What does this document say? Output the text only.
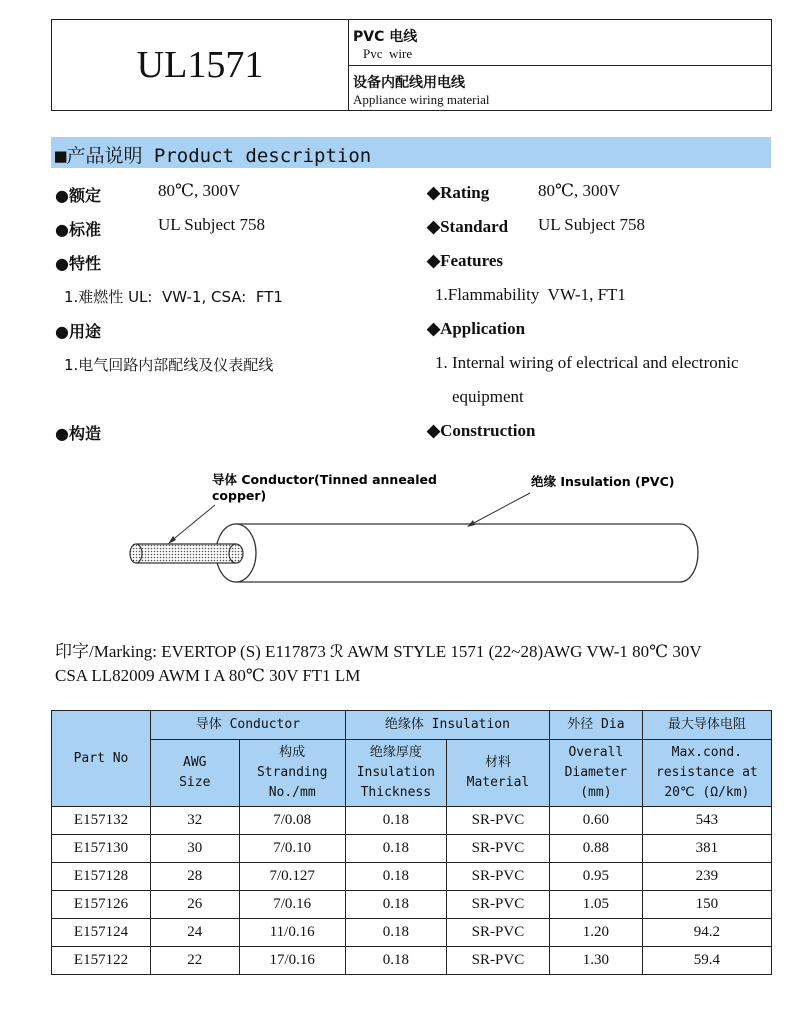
UL1571
PVC 电线
Pvc  wire
设备内配线用电线
Appliance wiring material
■产品说明 Product description
●额定	80℃, 300V
●标准	UL Subject 758
●特性
1.难燃性 UL:  VW-1, CSA:  FT1
●用途
1.电气回路内部配线及仪表配线
●构造
◆Rating	80℃, 300V
◆Standard UL Subject 758
◆Features
1.Flammability  VW-1, FT1
◆Application
1. Internal wiring of electrical and electronic
equipment
◆Construction
导体 Conductor(Tinned annealed
copper)
绝缘 Insulation (PVC)
印字/Marking: EVERTOP (S) E117873 ℛ AWM STYLE 1571 (22~28)AWG VW-1 80℃ 30V
CSA LL82009 AWM I A 80℃ 30V FT1 LM
Part No	导体 Conductor		绝缘体 Insulation		外径 Dia	最大导体电阻
	AWG Size	构成 Stranding No./mm	绝缘厚度 Insulation Thickness	材料 Material	Overall Diameter (mm)	Max.cond. resistance at 20℃ (Ω/km)
E157132	32	7/0.08	0.18	SR-PVC	0.60	543
E157130	30	7/0.10	0.18	SR-PVC	0.88	381
E157128	28	7/0.127	0.18	SR-PVC	0.95	239
E157126	26	7/0.16	0.18	SR-PVC	1.05	150
E157124	24	11/0.16	0.18	SR-PVC	1.20	94.2
E157122	22	17/0.16	0.18	SR-PVC	1.30	59.4
